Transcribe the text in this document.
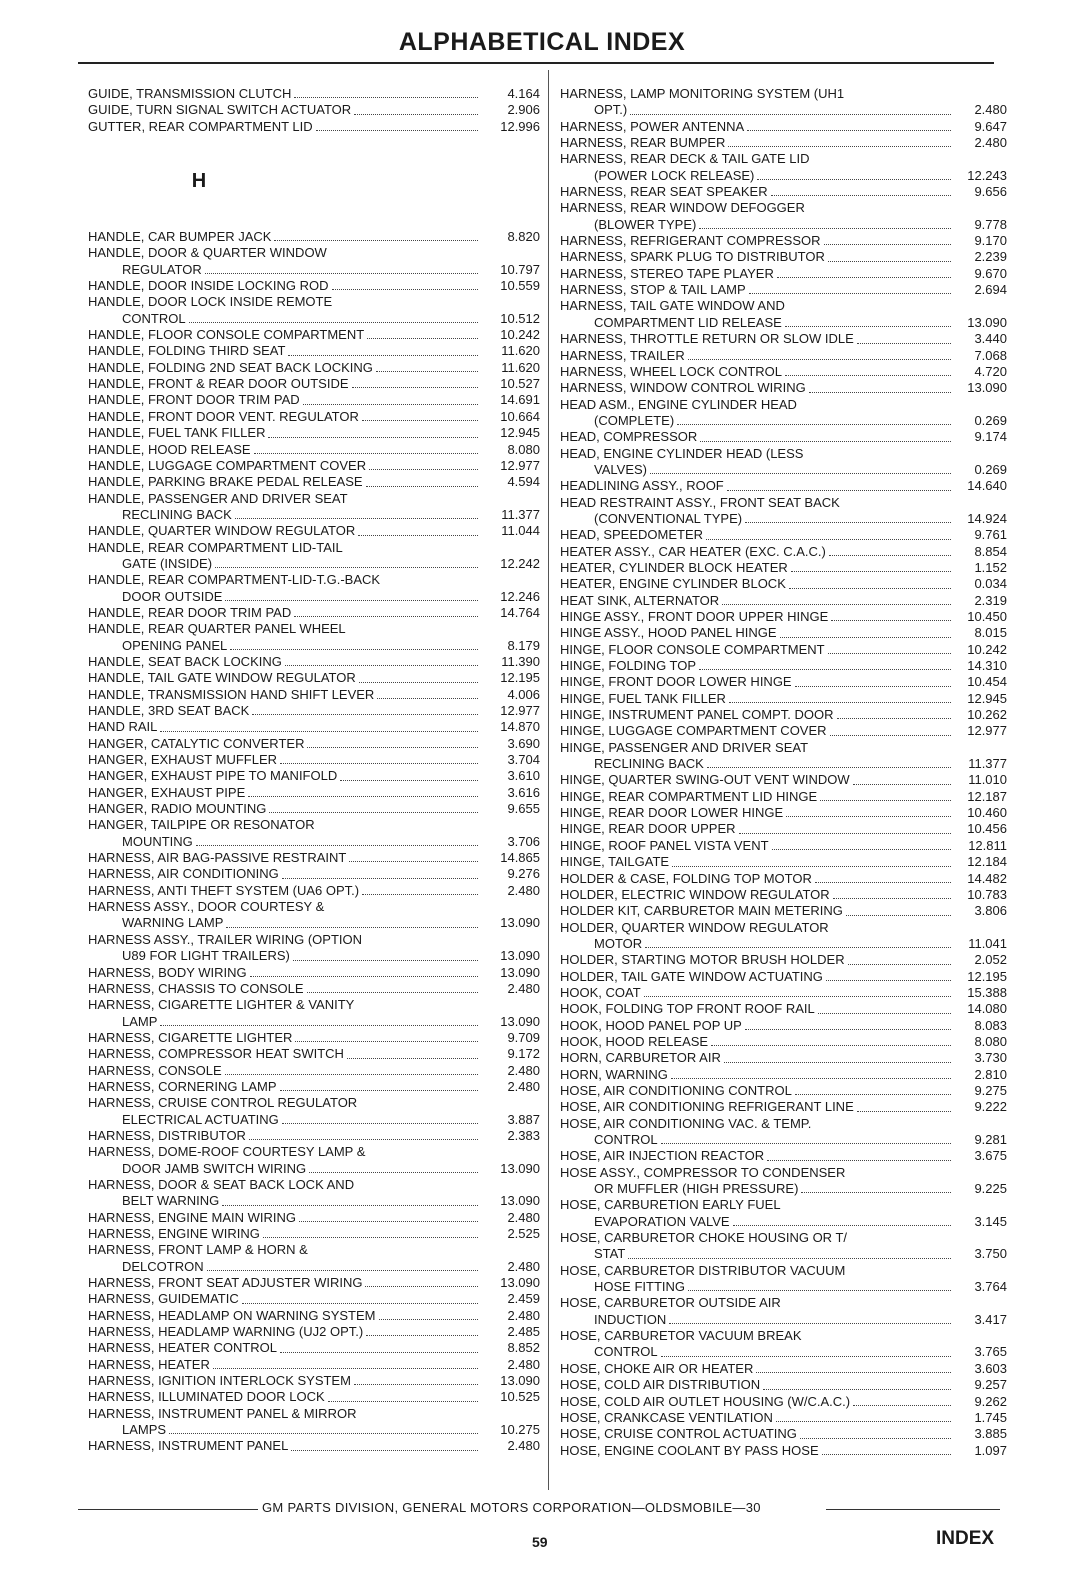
ALPHABETICAL INDEX
GUIDE, TRANSMISSION CLUTCH	4.164
GUIDE, TURN SIGNAL SWITCH ACTUATOR	2.906
GUTTER, REAR COMPARTMENT LID	12.996
H
HANDLE, CAR BUMPER JACK	8.820
HANDLE, DOOR & QUARTER WINDOW
REGULATOR	10.797
HANDLE, DOOR INSIDE LOCKING ROD	10.559
HANDLE, DOOR LOCK INSIDE REMOTE
CONTROL	10.512
HANDLE, FLOOR CONSOLE COMPARTMENT	10.242
HANDLE, FOLDING THIRD SEAT	11.620
HANDLE, FOLDING 2ND SEAT BACK LOCKING	11.620
HANDLE, FRONT & REAR DOOR OUTSIDE	10.527
HANDLE, FRONT DOOR TRIM PAD	14.691
HANDLE, FRONT DOOR VENT. REGULATOR	10.664
HANDLE, FUEL TANK FILLER	12.945
HANDLE, HOOD RELEASE	8.080
HANDLE, LUGGAGE COMPARTMENT COVER	12.977
HANDLE, PARKING BRAKE PEDAL RELEASE	4.594
HANDLE, PASSENGER AND DRIVER SEAT
RECLINING BACK	11.377
HANDLE, QUARTER WINDOW REGULATOR	11.044
HANDLE, REAR COMPARTMENT LID-TAIL
GATE (INSIDE)	12.242
HANDLE, REAR COMPARTMENT-LID-T.G.-BACK
DOOR OUTSIDE	12.246
HANDLE, REAR DOOR TRIM PAD	14.764
HANDLE, REAR QUARTER PANEL WHEEL
OPENING PANEL	8.179
HANDLE, SEAT BACK LOCKING	11.390
HANDLE, TAIL GATE WINDOW REGULATOR	12.195
HANDLE, TRANSMISSION HAND SHIFT LEVER	4.006
HANDLE, 3RD SEAT BACK	12.977
HAND RAIL	14.870
HANGER, CATALYTIC CONVERTER	3.690
HANGER, EXHAUST MUFFLER	3.704
HANGER, EXHAUST PIPE TO MANIFOLD	3.610
HANGER, EXHAUST PIPE	3.616
HANGER, RADIO MOUNTING	9.655
HANGER, TAILPIPE OR RESONATOR
MOUNTING	3.706
HARNESS, AIR BAG-PASSIVE RESTRAINT	14.865
HARNESS, AIR CONDITIONING	9.276
HARNESS, ANTI THEFT SYSTEM (UA6 OPT.)	2.480
HARNESS ASSY., DOOR COURTESY &
WARNING LAMP	13.090
HARNESS ASSY., TRAILER WIRING (OPTION
U89 FOR LIGHT TRAILERS)	13.090
HARNESS, BODY WIRING	13.090
HARNESS, CHASSIS TO CONSOLE	2.480
HARNESS, CIGARETTE LIGHTER & VANITY
LAMP	13.090
HARNESS, CIGARETTE LIGHTER	9.709
HARNESS, COMPRESSOR HEAT SWITCH	9.172
HARNESS, CONSOLE	2.480
HARNESS, CORNERING LAMP	2.480
HARNESS, CRUISE CONTROL REGULATOR
ELECTRICAL ACTUATING	3.887
HARNESS, DISTRIBUTOR	2.383
HARNESS, DOME-ROOF COURTESY LAMP &
DOOR JAMB SWITCH WIRING	13.090
HARNESS, DOOR & SEAT BACK LOCK AND
BELT WARNING	13.090
HARNESS, ENGINE MAIN WIRING	2.480
HARNESS, ENGINE WIRING	2.525
HARNESS, FRONT LAMP & HORN &
DELCOTRON	2.480
HARNESS, FRONT SEAT ADJUSTER WIRING	13.090
HARNESS, GUIDEMATIC	2.459
HARNESS, HEADLAMP ON WARNING SYSTEM	2.480
HARNESS, HEADLAMP WARNING (UJ2 OPT.)	2.485
HARNESS, HEATER CONTROL	8.852
HARNESS, HEATER	2.480
HARNESS, IGNITION INTERLOCK SYSTEM	13.090
HARNESS, ILLUMINATED DOOR LOCK	10.525
HARNESS, INSTRUMENT PANEL & MIRROR
LAMPS	10.275
HARNESS, INSTRUMENT PANEL	2.480
HARNESS, LAMP MONITORING SYSTEM (UH1
OPT.)	2.480
HARNESS, POWER ANTENNA	9.647
HARNESS, REAR BUMPER	2.480
HARNESS, REAR DECK & TAIL GATE LID
(POWER LOCK RELEASE)	12.243
HARNESS, REAR SEAT SPEAKER	9.656
HARNESS, REAR WINDOW DEFOGGER
(BLOWER TYPE)	9.778
HARNESS, REFRIGERANT COMPRESSOR	9.170
HARNESS, SPARK PLUG TO DISTRIBUTOR	2.239
HARNESS, STEREO TAPE PLAYER	9.670
HARNESS, STOP & TAIL LAMP	2.694
HARNESS, TAIL GATE WINDOW AND
COMPARTMENT LID RELEASE	13.090
HARNESS, THROTTLE RETURN OR SLOW IDLE	3.440
HARNESS, TRAILER	7.068
HARNESS, WHEEL LOCK CONTROL	4.720
HARNESS, WINDOW CONTROL WIRING	13.090
HEAD ASM., ENGINE CYLINDER HEAD
(COMPLETE)	0.269
HEAD, COMPRESSOR	9.174
HEAD, ENGINE CYLINDER HEAD (LESS
VALVES)	0.269
HEADLINING ASSY., ROOF	14.640
HEAD RESTRAINT ASSY., FRONT SEAT BACK
(CONVENTIONAL TYPE)	14.924
HEAD, SPEEDOMETER	9.761
HEATER ASSY., CAR HEATER (EXC. C.A.C.)	8.854
HEATER, CYLINDER BLOCK HEATER	1.152
HEATER, ENGINE CYLINDER BLOCK	0.034
HEAT SINK, ALTERNATOR	2.319
HINGE ASSY., FRONT DOOR UPPER HINGE	10.450
HINGE ASSY., HOOD PANEL HINGE	8.015
HINGE, FLOOR CONSOLE COMPARTMENT	10.242
HINGE, FOLDING TOP	14.310
HINGE, FRONT DOOR LOWER HINGE	10.454
HINGE, FUEL TANK FILLER	12.945
HINGE, INSTRUMENT PANEL COMPT. DOOR	10.262
HINGE, LUGGAGE COMPARTMENT COVER	12.977
HINGE, PASSENGER AND DRIVER SEAT
RECLINING BACK	11.377
HINGE, QUARTER SWING-OUT VENT WINDOW	11.010
HINGE, REAR COMPARTMENT LID HINGE	12.187
HINGE, REAR DOOR LOWER HINGE	10.460
HINGE, REAR DOOR UPPER	10.456
HINGE, ROOF PANEL VISTA VENT	12.811
HINGE, TAILGATE	12.184
HOLDER & CASE, FOLDING TOP MOTOR	14.482
HOLDER, ELECTRIC WINDOW REGULATOR	10.783
HOLDER KIT, CARBURETOR MAIN METERING	3.806
HOLDER, QUARTER WINDOW REGULATOR
MOTOR	11.041
HOLDER, STARTING MOTOR BRUSH HOLDER	2.052
HOLDER, TAIL GATE WINDOW ACTUATING	12.195
HOOK, COAT	15.388
HOOK, FOLDING TOP FRONT ROOF RAIL	14.080
HOOK, HOOD PANEL POP UP	8.083
HOOK, HOOD RELEASE	8.080
HORN, CARBURETOR AIR	3.730
HORN, WARNING	2.810
HOSE, AIR CONDITIONING CONTROL	9.275
HOSE, AIR CONDITIONING REFRIGERANT LINE	9.222
HOSE, AIR CONDITIONING VAC. & TEMP.
CONTROL	9.281
HOSE, AIR INJECTION REACTOR	3.675
HOSE ASSY., COMPRESSOR TO CONDENSER
OR MUFFLER (HIGH PRESSURE)	9.225
HOSE, CARBURETION EARLY FUEL
EVAPORATION VALVE	3.145
HOSE, CARBURETOR CHOKE HOUSING OR T/
STAT	3.750
HOSE, CARBURETOR DISTRIBUTOR VACUUM
HOSE FITTING	3.764
HOSE, CARBURETOR OUTSIDE AIR
INDUCTION	3.417
HOSE, CARBURETOR VACUUM BREAK
CONTROL	3.765
HOSE, CHOKE AIR OR HEATER	3.603
HOSE, COLD AIR DISTRIBUTION	9.257
HOSE, COLD AIR OUTLET HOUSING (W/C.A.C.)	9.262
HOSE, CRANKCASE VENTILATION	1.745
HOSE, CRUISE CONTROL ACTUATING	3.885
HOSE, ENGINE COOLANT BY PASS HOSE	1.097
GM PARTS DIVISION, GENERAL MOTORS CORPORATION—OLDSMOBILE—30
59	INDEX
